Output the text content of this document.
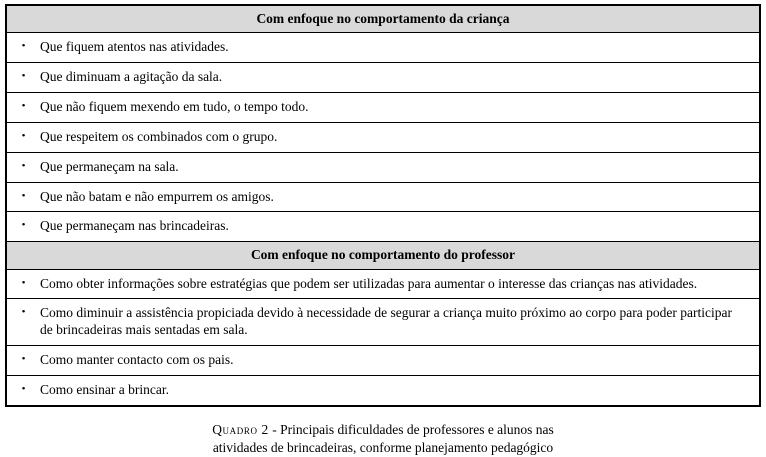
Com enfoque no comportamento da criança

•	Que fiquem atentos nas atividades.

•	Que diminuam a agitação da sala.

•	Que não fiquem mexendo em tudo, o tempo todo.

•	Que respeitem os combinados com o grupo.

•	Que permaneçam na sala.

•	Que não batam e não empurrem os amigos.

•	Que permaneçam nas brincadeiras.

Com enfoque no comportamento do professor

•	Como obter informações sobre estratégias que podem ser utilizadas para aumentar o interesse das crianças nas atividades.

•	Como diminuir a assistência propiciada devido à necessidade de segurar a criança muito próximo ao corpo para poder participar de brincadeiras mais sentadas em sala.

•	Como manter contacto com os pais.

•	Como ensinar a brincar.
Quadro 2 - Principais dificuldades de professores e alunos nas
atividades de brincadeiras, conforme planejamento pedagógico
